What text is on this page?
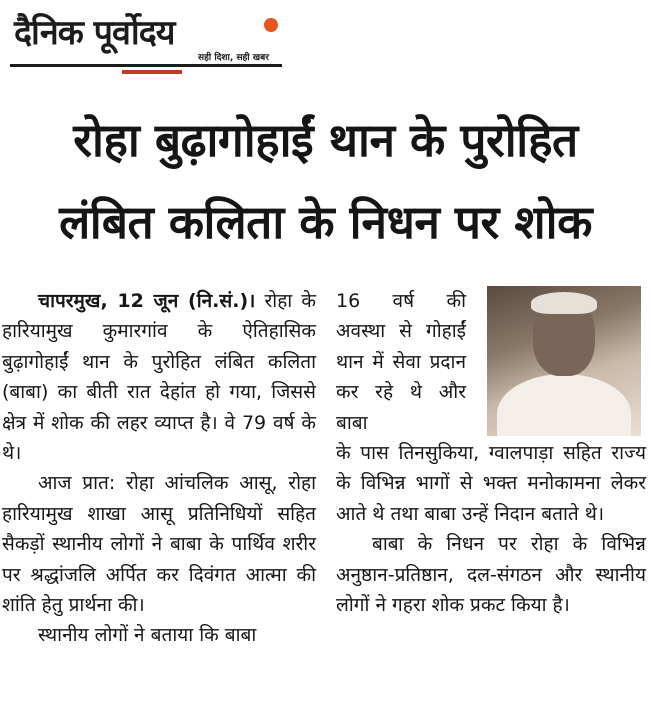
दैनिक पूर्वोदय
सही दिशा, सही खबर
रोहा बुढ़ागोहाईं थान के पुरोहित
लंबित कलिता के निधन पर शोक

चापरमुख, 12 जून (नि.सं.)। रोहा के हारियामुख कुमारगांव के ऐतिहासिक बुढ़ागोहाईं थान के पुरोहित लंबित कलिता (बाबा) का बीती रात देहांत हो गया, जिससे क्षेत्र में शोक की लहर व्याप्त है। वे 79 वर्ष के थे।

आज प्रात: रोहा आंचलिक आसू, रोहा हारियामुख शाखा आसू प्रतिनिधियों सहित सैकड़ों स्थानीय लोगों ने बाबा के पार्थिव शरीर पर श्रद्धांजलि अर्पित कर दिवंगत आत्मा की शांति हेतु प्रार्थना की।

स्थानीय लोगों ने बताया कि बाबा

16 वर्ष की अवस्था से गोहाईं थान में सेवा प्रदान कर रहे थे और बाबा

के पास तिनसुकिया, ग्वालपाड़ा सहित राज्य के विभिन्न भागों से भक्त मनोकामना लेकर आते थे तथा बाबा उन्हें निदान बताते थे।

बाबा के निधन पर रोहा के विभिन्न अनुष्ठान-प्रतिष्ठान, दल-संगठन और स्थानीय लोगों ने गहरा शोक प्रकट किया है।
